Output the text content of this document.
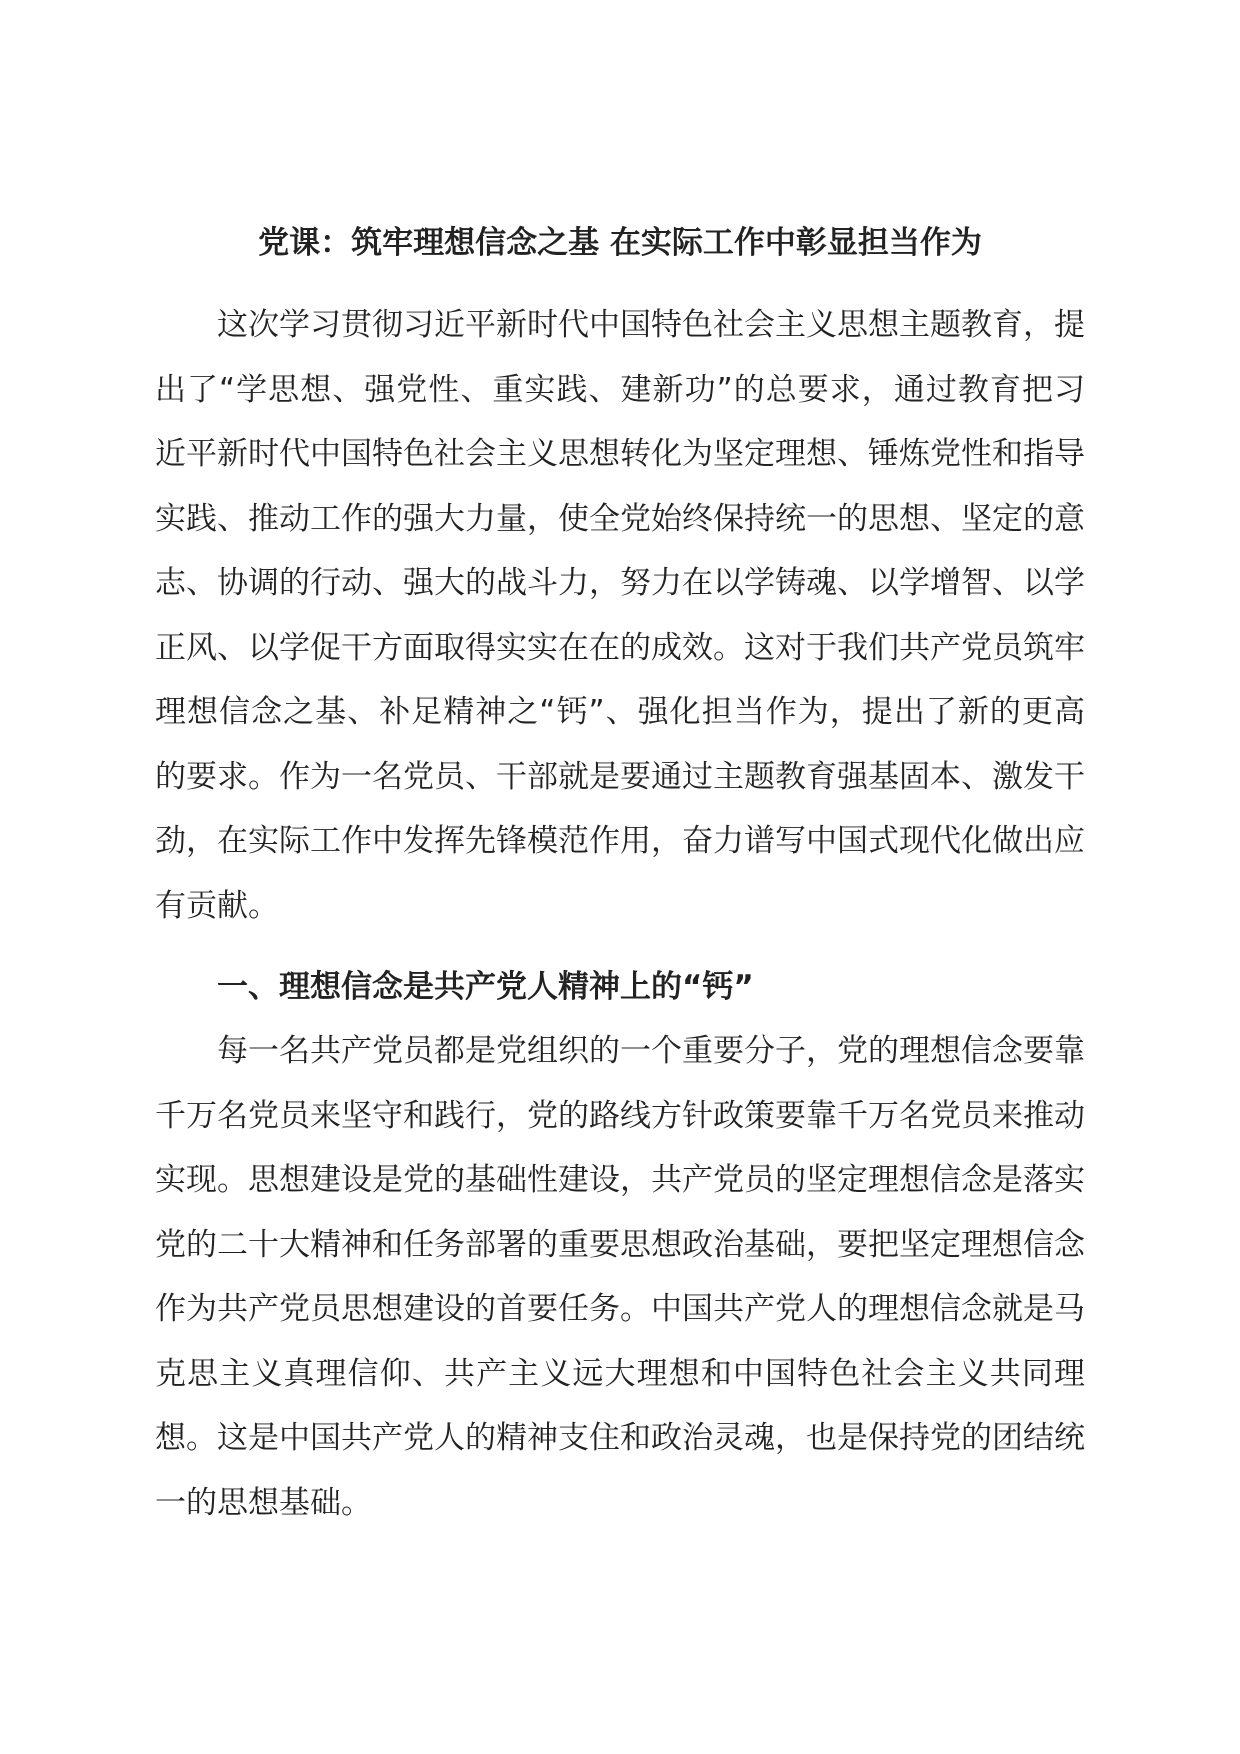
党课：筑牢理想信念之基 在实际工作中彰显担当作为

这次学习贯彻习近平新时代中国特色社会主义思想主题教育，提出了“学思想、强党性、重实践、建新功”的总要求，通过教育把习近平新时代中国特色社会主义思想转化为坚定理想、锤炼党性和指导实践、推动工作的强大力量，使全党始终保持统一的思想、坚定的意志、协调的行动、强大的战斗力，努力在以学铸魂、以学增智、以学正风、以学促干方面取得实实在在的成效。这对于我们共产党员筑牢理想信念之基、补足精神之“钙”、强化担当作为，提出了新的更高的要求。作为一名党员、干部就是要通过主题教育强基固本、激发干劲，在实际工作中发挥先锋模范作用，奋力谱写中国式现代化做出应有贡献。

一、理想信念是共产党人精神上的“钙”

每一名共产党员都是党组织的一个重要分子，党的理想信念要靠千万名党员来坚守和践行，党的路线方针政策要靠千万名党员来推动实现。思想建设是党的基础性建设，共产党员的坚定理想信念是落实党的二十大精神和任务部署的重要思想政治基础，要把坚定理想信念作为共产党员思想建设的首要任务。中国共产党人的理想信念就是马克思主义真理信仰、共产主义远大理想和中国特色社会主义共同理想。这是中国共产党人的精神支住和政治灵魂，也是保持党的团结统一的思想基础。
